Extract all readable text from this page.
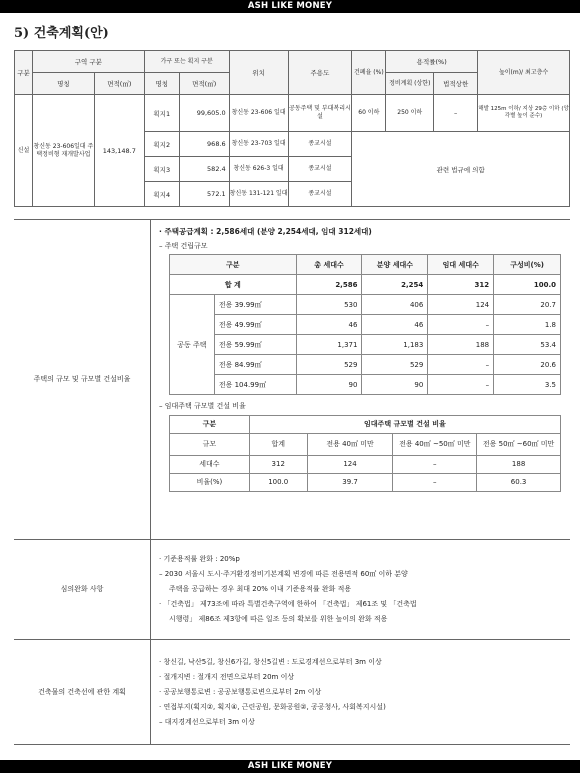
ASH LIKE MONEY
5) 건축계획(안)
구분	구역 구분		가구 또는 획지 구분		위치	주용도	건폐율 (%)	용적률(%)		높이(m)/ 최고층수
	명칭	면적(㎡)	명칭	면적(㎡)				정비계획 (상한)	법적상한	
신설	창신동 23-606일대 주택정비형 재개발사업	143,148.7	획지1	99,605.0	창신동 23-606 일대	공동주택 및 부대복리시설	60 이하	250 이하	–	해발 125m 이하/ 지상 29층 이하 (앙각별 높이 준수)
			획지2	968.6	창신동 23-703 일대	종교시설	관련 법규에 의함			
			획지3	582.4	창신동 626-3 일대	종교시설				
			획지4	572.1	창신동 131-121 일대	종교시설				
주택의 규모 및 규모별 건설비율	
· 주택공급계획 : 2,586세대 (분양 2,254세대, 임대 312세대)
– 주택 건립규모
구분	총 세대수	분양 세대수	임대 세대수	구성비(%)
합 계	2,586	2,254	312	100.0
공동 주택	전용 39.99㎡	530	406	124	20.7
전용 49.99㎡	46	46	–	1.8
전용 59.99㎡	1,371	1,183	188	53.4
전용 84.99㎡	529	529	–	20.6
전용 104.99㎡	90	90	–	3.5
– 임대주택 규모별 건설 비율
구분	임대주택 규모별 건설 비율
규모	합계	전용 40㎡ 미만	전용 40㎡ ~50㎡ 미만	전용 50㎡ ~60㎡ 미만
세대수	312	124	–	188
비율(%)	100.0	39.7	–	60.3

심의완화 사항	
· 기준용적률 완화 : 20%p
– 2030 서울시 도시·주거환경정비기본계획 변경에 따른 전용면적 60㎡ 이하 분양
주택을 공급하는 경우 최대 20% 이내 기준용적률 완화 적용
· 「건축법」 제73조에 따라 특별건축구역에 한하여 「건축법」 제61조 및 「건축법
시행령」 제86조 제3항에 따른 일조 등의 확보를 위한 높이의 완화 적용

건축물의 건축선에 관한 계획	
· 창신길, 낙산5길, 창신6가길, 창신5길변 : 도로경계선으로부터 3m 이상
· 절개지변 : 절개지 전면으로부터 20m 이상
· 공공보행통로변 : 공공보행통로변으로부터 2m 이상
· 연접부지(획지②, 획지④, 근린공원, 문화공원②, 공공청사, 사회복지시설)
– 대지경계선으로부터 3m 이상
ASH LIKE MONEY
